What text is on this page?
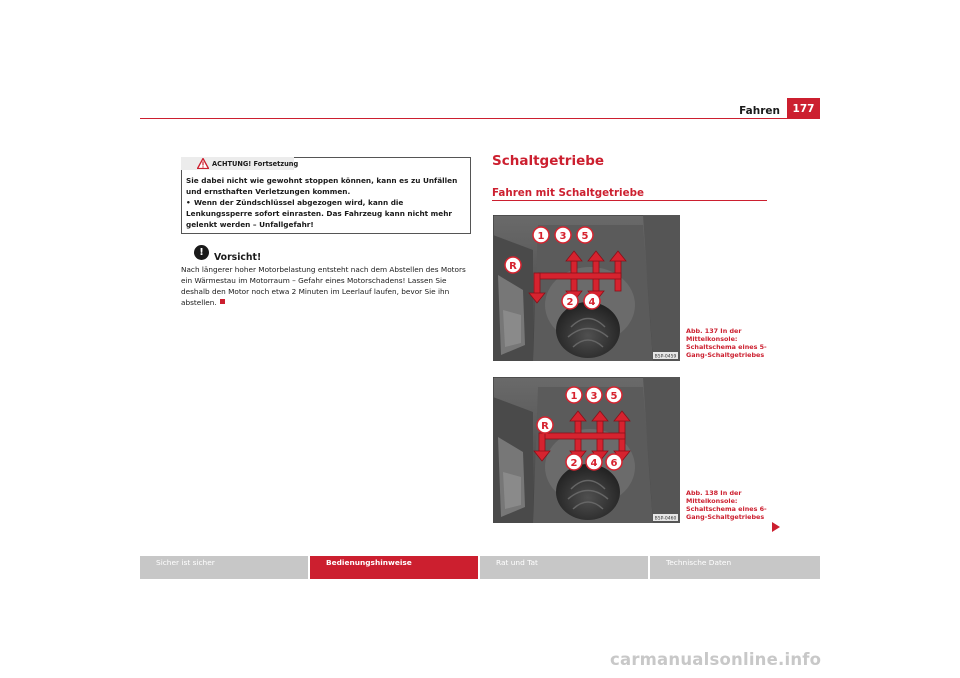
Fahren	177
ACHTUNG! Fortsetzung

Sie dabei nicht wie gewohnt stoppen können, kann es zu Unfällen und ernsthaften Verletzungen kommen.

• Wenn der Zündschlüssel abgezogen wird, kann die Lenkungssperre sofort einrasten. Das Fahrzeug kann nicht mehr gelenkt werden – Unfallgefahr!

!	Vorsicht!
Nach längerer hoher Motorbelastung entsteht nach dem Abstellen des Motors ein Wärmestau im Motorraum – Gefahr eines Motorschadens! Lassen Sie deshalb den Motor noch etwa 2 Minuten im Leerlauf laufen, bevor Sie ihn abstellen.
Schaltgetriebe
Fahren mit Schaltgetriebe
1 3 5
R
2 4
B5P-0459
Abb. 137 In der Mittelkonsole: Schaltschema eines 5-Gang-Schaltgetriebes
1 3 5
R
2 4 6
B5P-0460
Abb. 138 In der Mittelkonsole: Schaltschema eines 6-Gang-Schaltgetriebes
Sicher ist sicher	Bedienungshinweise	Rat und Tat	Technische Daten
carmanualsonline.info
